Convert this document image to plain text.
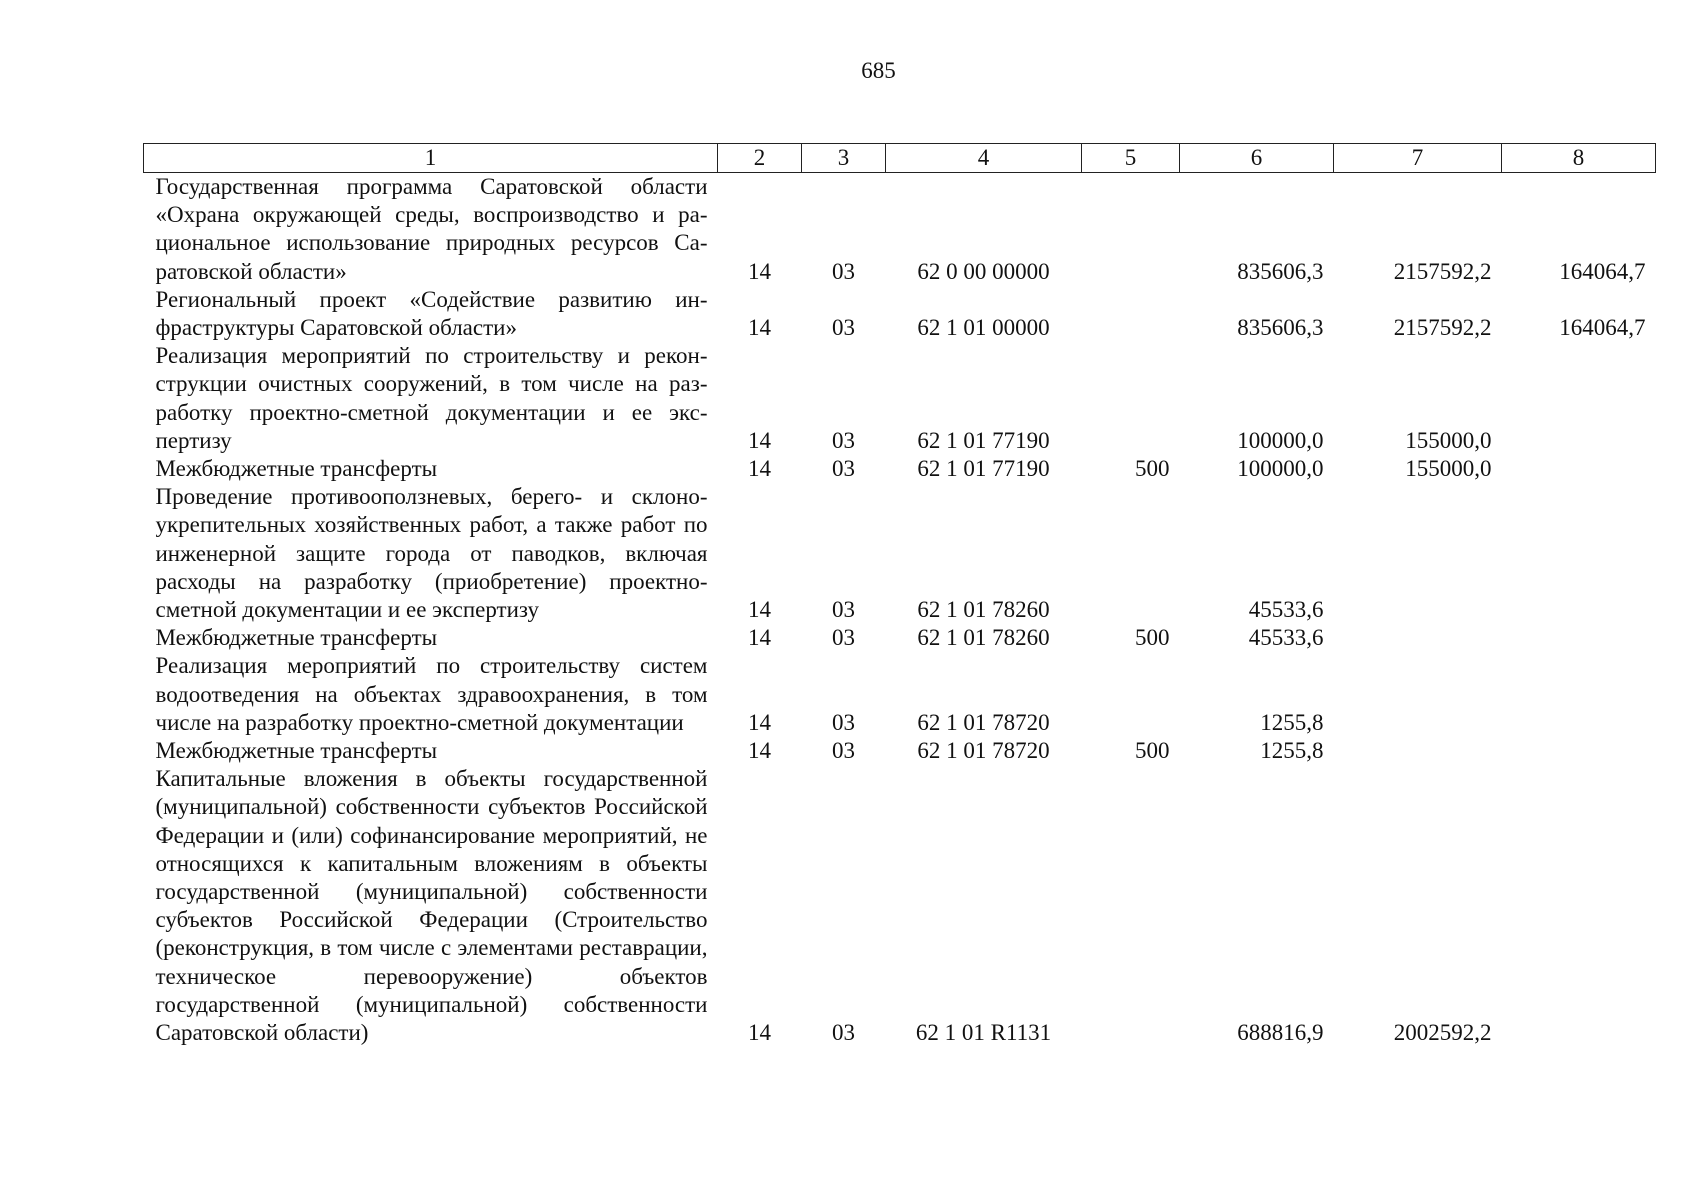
685
1	2	3	4	5	6	7	8
Государственная программа Саратовской области «Охрана окружающей среды, воспроизводство и рациональное использование природных ресурсов Саратовской области»	14	03	62 0 00 00000		835606,3	2157592,2	164064,7
Региональный проект «Содействие развитию инфраструктуры Саратовской области»	14	03	62 1 01 00000		835606,3	2157592,2	164064,7
Реализация мероприятий по строительству и реконструкции очистных сооружений, в том числе на разработку проектно-сметной документации и ее экспертизу	14	03	62 1 01 77190		100000,0	155000,0	
Межбюджетные трансферты	14	03	62 1 01 77190	500	100000,0	155000,0	
Проведение противооползневых, берего- и склоноукрепительных хозяйственных работ, а также работ по инженерной защите города от паводков, включая расходы на разработку (приобретение) проектно-сметной документации и ее экспертизу	14	03	62 1 01 78260		45533,6		
Межбюджетные трансферты	14	03	62 1 01 78260	500	45533,6		
Реализация мероприятий по строительству систем водоотведения на объектах здравоохранения, в том числе на разработку проектно-сметной документации	14	03	62 1 01 78720		1255,8		
Межбюджетные трансферты	14	03	62 1 01 78720	500	1255,8		
Капитальные вложения в объекты государственной (муниципальной) собственности субъектов Российской Федерации и (или) софинансирование мероприятий, не относящихся к капитальным вложениям в объекты государственной (муниципальной) собственности субъектов Российской Федерации (Строительство (реконструкция, в том числе с элементами реставрации, техническое перевооружение) объектов государственной (муниципальной) собственности Саратовской области)	14	03	62 1 01 R1131		688816,9	2002592,2	
